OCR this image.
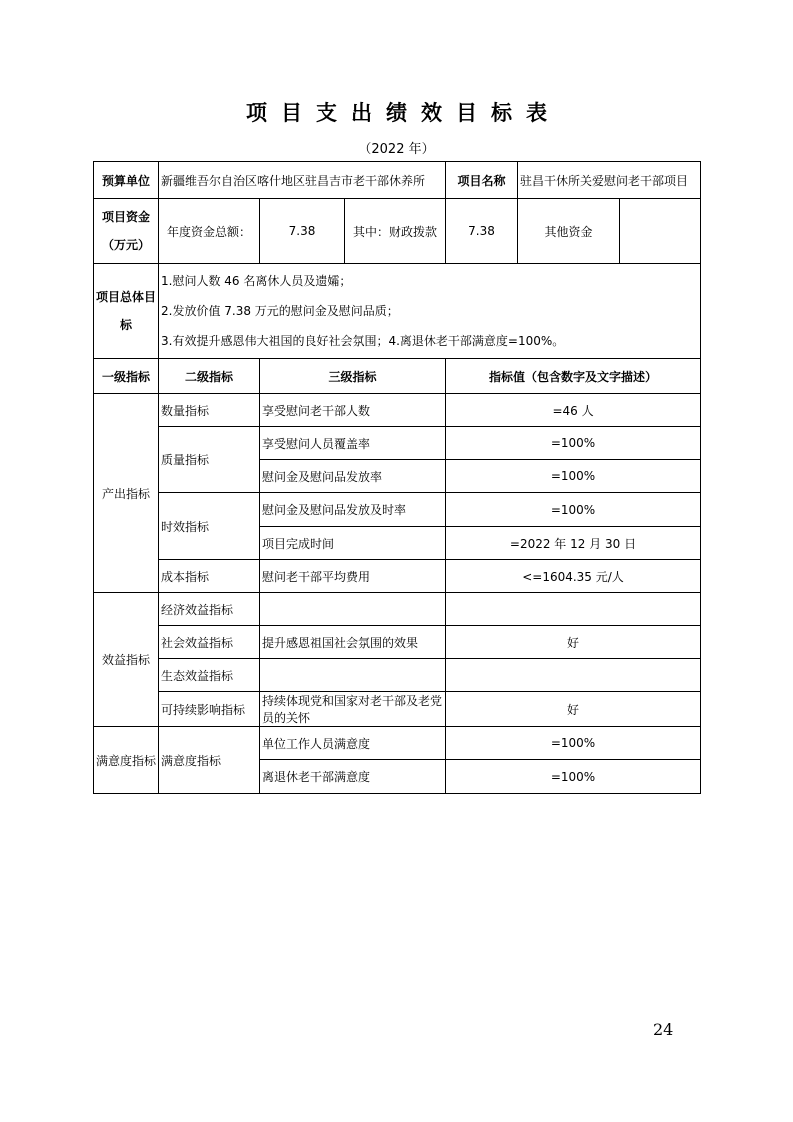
项目支出绩效目标表
（2022 年）
预算单位	新疆维吾尔自治区喀什地区驻昌吉市老干部休养所			项目名称	驻昌干休所关爱慰问老干部项目	
项目资金（万元）	年度资金总额：	7.38	其中：财政拨款	7.38	其他资金	
项目总体目标	1.慰问人数 46 名离休人员及遗孀；
2.发放价值 7.38 万元的慰问金及慰问品质；
3.有效提升感恩伟大祖国的良好社会氛围；4.离退休老干部满意度=100%。					

一级指标	二级指标	三级指标		指标值（包含数字及文字描述）		
产出指标	数量指标	享受慰问老干部人数		=46 人		
	质量指标	享受慰问人员覆盖率		=100%		
		慰问金及慰问品发放率		=100%		
	时效指标	慰问金及慰问品发放及时率		=100%		
		项目完成时间		=2022 年 12 月 30 日		
	成本指标	慰问老干部平均费用		<=1604.35 元/人		
效益指标	经济效益指标					
	社会效益指标	提升感恩祖国社会氛围的效果		好		
	生态效益指标					
	可持续影响指标	持续体现党和国家对老干部及老党员的关怀		好		
满意度指标	满意度指标	单位工作人员满意度		=100%		
		离退休老干部满意度		=100%		
24
